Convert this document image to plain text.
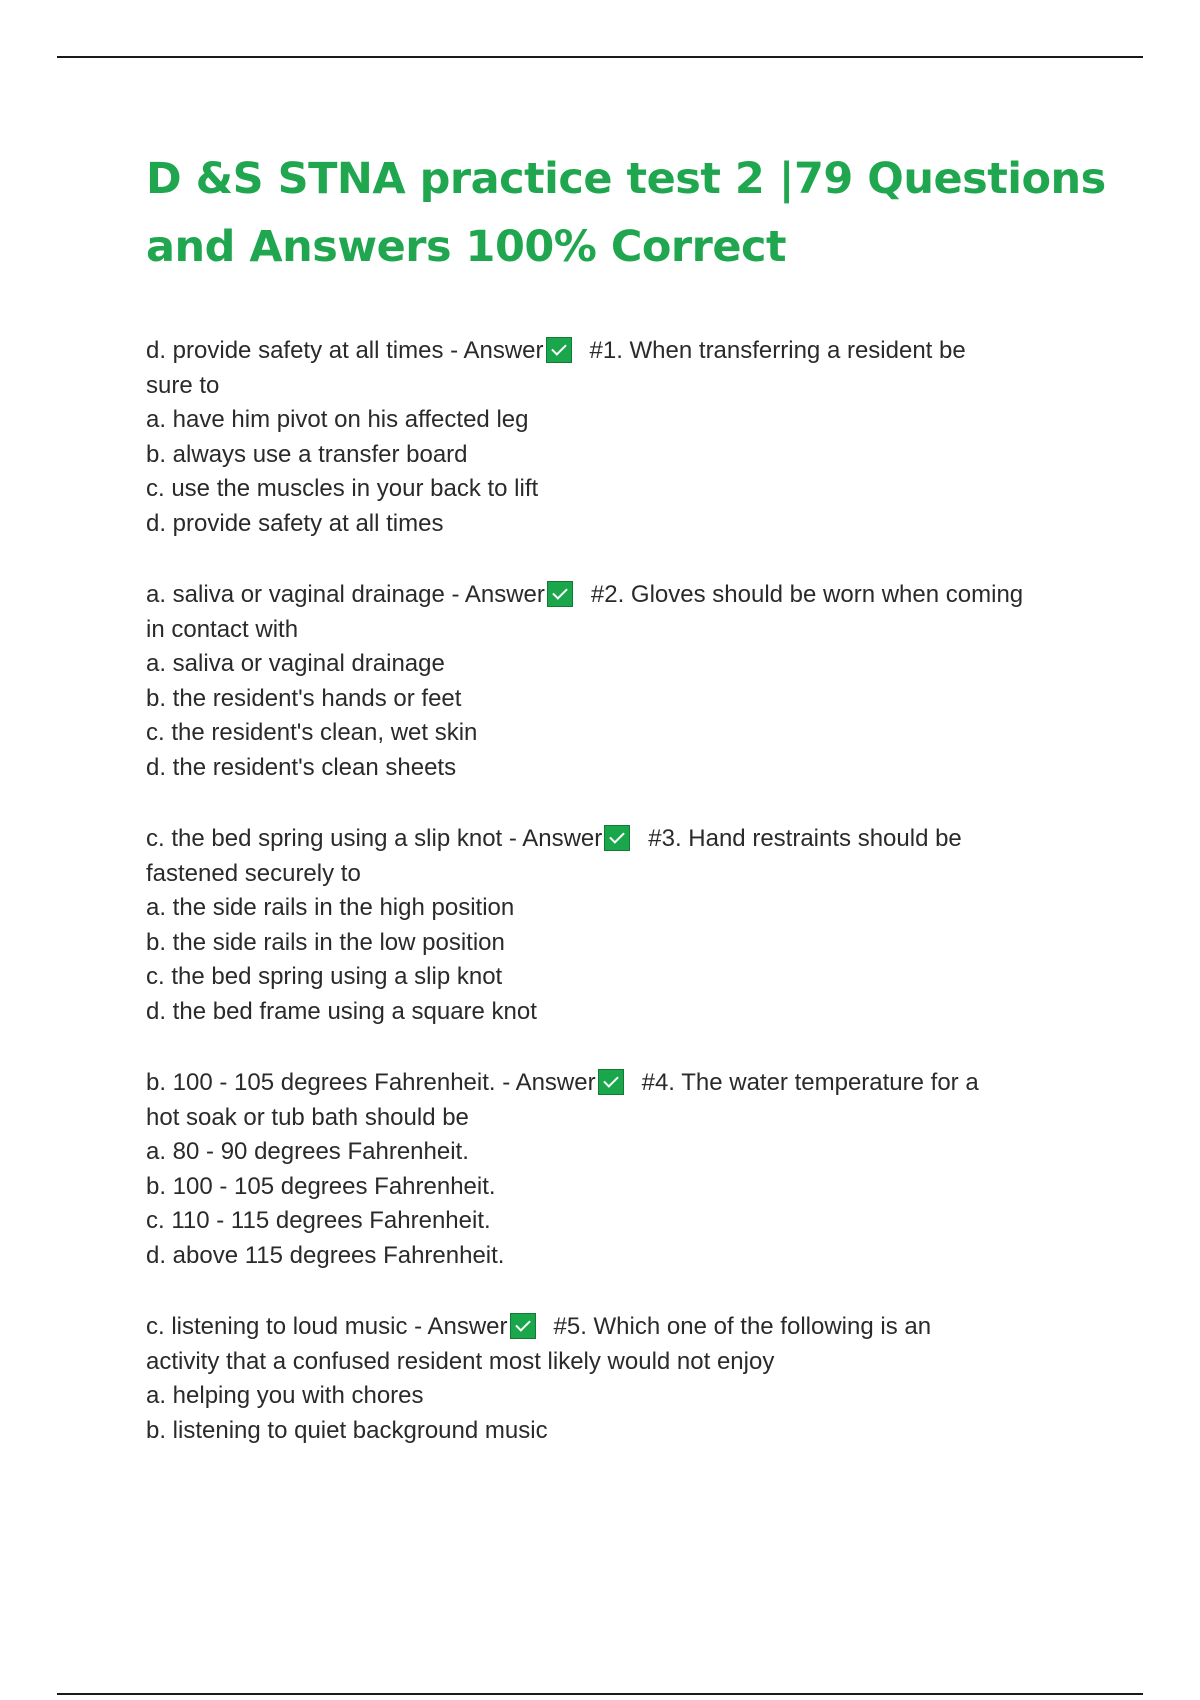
D &S STNA practice test 2 |79 Questions
and Answers 100% Correct
d. provide safety at all times - Answer #1. When transferring a resident be
sure to
a. have him pivot on his affected leg
b. always use a transfer board
c. use the muscles in your back to lift
d. provide safety at all times
a. saliva or vaginal drainage - Answer #2. Gloves should be worn when coming
in contact with
a. saliva or vaginal drainage
b. the resident's hands or feet
c. the resident's clean, wet skin
d. the resident's clean sheets
c. the bed spring using a slip knot - Answer #3. Hand restraints should be
fastened securely to
a. the side rails in the high position
b. the side rails in the low position
c. the bed spring using a slip knot
d. the bed frame using a square knot
b. 100 - 105 degrees Fahrenheit. - Answer #4. The water temperature for a
hot soak or tub bath should be
a. 80 - 90 degrees Fahrenheit.
b. 100 - 105 degrees Fahrenheit.
c. 110 - 115 degrees Fahrenheit.
d. above 115 degrees Fahrenheit.
c. listening to loud music - Answer #5. Which one of the following is an
activity that a confused resident most likely would not enjoy
a. helping you with chores
b. listening to quiet background music
